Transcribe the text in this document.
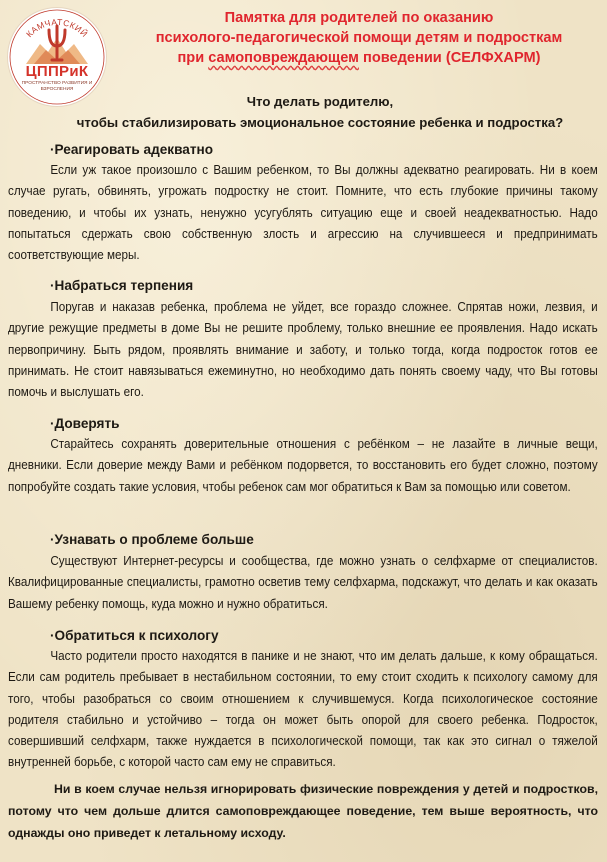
КАМЧАТСКИЙ
ЦППРиК
ПРОСТРАНСТВО РАЗВИТИЯ И ВЗРОСЛЕНИЯ
Памятка для родителей по оказанию
психолого-педагогической помощи детям и подросткам
при самоповреждающем поведении (СЕЛФХАРМ)
Что делать родителю,
чтобы стабилизировать эмоциональное состояние ребенка и подростка?
·Реагировать адекватно
Если уж такое произошло с Вашим ребенком, то Вы должны адекватно реагировать. Ни в коем случае ругать, обвинять, угрожать подростку не стоит. Помните, что есть глубокие причины такому поведению, и чтобы их узнать, ненужно усугублять ситуацию еще и своей неадекватностью. Надо попытаться сдержать свою собственную злость и агрессию на случившееся и предпринимать соответствующие меры.
·Набраться терпения
Поругав и наказав ребенка, проблема не уйдет, все гораздо сложнее. Спрятав ножи, лезвия, и другие режущие предметы в доме Вы не решите проблему, только внешние ее проявления. Надо искать первопричину. Быть рядом, проявлять внимание и заботу, и только тогда, когда подросток готов ее принимать. Не стоит навязываться ежеминутно, но необходимо дать понять своему чаду, что Вы готовы помочь и выслушать его.
·Доверять
Старайтесь сохранять доверительные отношения с ребёнком – не лазайте в личные вещи, дневники. Если доверие между Вами и ребёнком подорвется, то восстановить его будет сложно, поэтому попробуйте создать такие условия, чтобы ребенок сам мог обратиться к Вам за помощью или советом.
·Узнавать о проблеме больше
Существуют Интернет-ресурсы и сообщества, где можно узнать о селфхарме от специалистов. Квалифицированные специалисты, грамотно осветив тему селфхарма, подскажут, что делать и как оказать Вашему ребенку помощь, куда можно и нужно обратиться.
·Обратиться к психологу
Часто родители просто находятся в панике и не знают, что им делать дальше, к кому обращаться. Если сам родитель пребывает в нестабильном состоянии, то ему стоит сходить к психологу самому для того, чтобы разобраться со своим отношением к случившемуся. Когда психологическое состояние родителя стабильно и устойчиво – тогда он может быть опорой для своего ребенка. Подросток, совершивший селфхарм, также нуждается в психологической помощи, так как это сигнал о тяжелой внутренней борьбе, с которой часто сам ему не справиться.
Ни в коем случае нельзя игнорировать физические повреждения у детей и подростков, потому что чем дольше длится самоповреждающее поведение, тем выше вероятность, что однажды оно приведет к летальному исходу.
